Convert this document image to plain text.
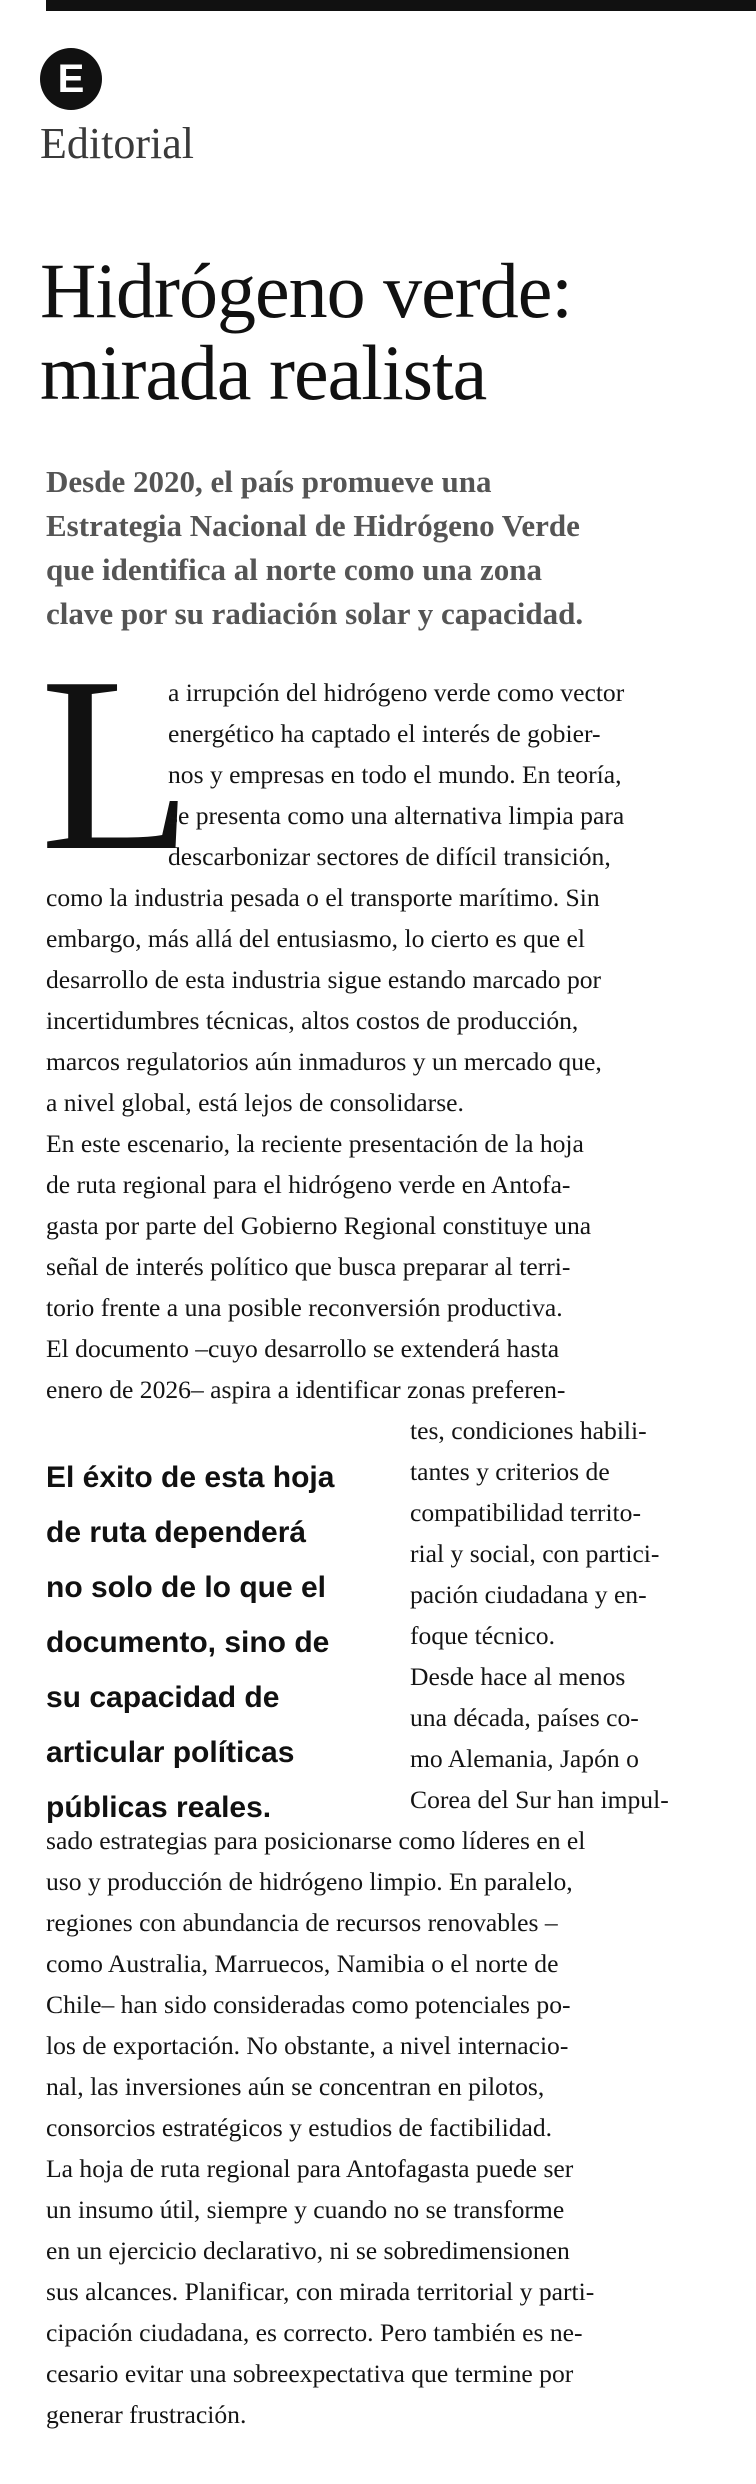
E
Editorial
Hidrógeno verde:
mirada realista
Desde 2020, el país promueve una
Estrategia Nacional de Hidrógeno Verde
que identifica al norte como una zona
clave por su radiación solar y capacidad.
L
a irrupción del hidrógeno verde como vector
energético ha captado el interés de gobier-
nos y empresas en todo el mundo. En teoría,
se presenta como una alternativa limpia para
descarbonizar sectores de difícil transición,
como la industria pesada o el transporte marítimo. Sin
embargo, más allá del entusiasmo, lo cierto es que el
desarrollo de esta industria sigue estando marcado por
incertidumbres técnicas, altos costos de producción,
marcos regulatorios aún inmaduros y un mercado que,
a nivel global, está lejos de consolidarse.
En este escenario, la reciente presentación de la hoja
de ruta regional para el hidrógeno verde en Antofa-
gasta por parte del Gobierno Regional constituye una
señal de interés político que busca preparar al terri-
torio frente a una posible reconversión productiva.
El documento –cuyo desarrollo se extenderá hasta
enero de 2026– aspira a identificar zonas preferen-
tes, condiciones habili-
tantes y criterios de
compatibilidad territo-
rial y social, con partici-
pación ciudadana y en-
foque técnico.
Desde hace al menos
una década, países co-
mo Alemania, Japón o
Corea del Sur han impul-
sado estrategias para posicionarse como líderes en el
uso y producción de hidrógeno limpio. En paralelo,
regiones con abundancia de recursos renovables –
como Australia, Marruecos, Namibia o el norte de
Chile– han sido consideradas como potenciales po-
los de exportación. No obstante, a nivel internacio-
nal, las inversiones aún se concentran en pilotos,
consorcios estratégicos y estudios de factibilidad.
La hoja de ruta regional para Antofagasta puede ser
un insumo útil, siempre y cuando no se transforme
en un ejercicio declarativo, ni se sobredimensionen
sus alcances. Planificar, con mirada territorial y parti-
cipación ciudadana, es correcto. Pero también es ne-
cesario evitar una sobreexpectativa que termine por
generar frustración.
El éxito de esta hoja
de ruta dependerá
no solo de lo que el
documento, sino de
su capacidad de
articular políticas
públicas reales.
